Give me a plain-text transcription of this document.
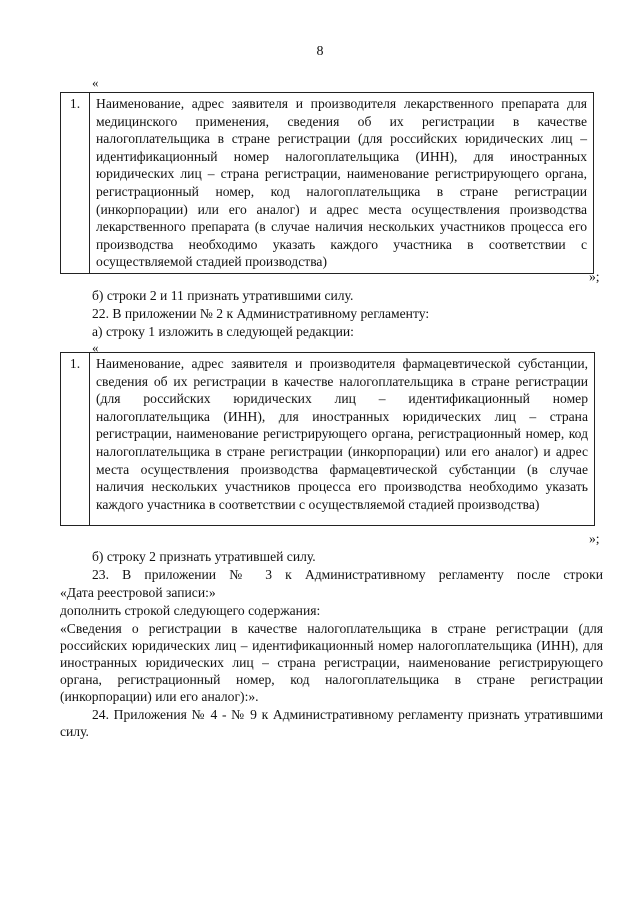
8
«
1.	Наименование, адрес заявителя и производителя лекарственного препарата для медицинского применения, сведения об их регистрации в качестве налогоплательщика в стране регистрации (для российских юридических лиц – идентификационный номер налогоплательщика (ИНН), для иностранных юридических лиц – страна регистрации, наименование регистрирующего органа, регистрационный номер, код налогоплательщика в стране регистрации (инкорпорации) или его аналог) и адрес места осуществления производства лекарственного препарата (в случае наличия нескольких участников процесса его производства необходимо указать каждого участника в соответствии с осуществляемой стадией производства)
»;
б) строки 2 и 11 признать утратившими силу.
22. В приложении № 2 к Административному регламенту:
а) строку 1 изложить в следующей редакции:
«
1.	Наименование, адрес заявителя и производителя фармацевтической субстанции, сведения об их регистрации в качестве налогоплательщика в стране регистрации (для российских юридических лиц – идентификационный номер налогоплательщика (ИНН), для иностранных юридических лиц – страна регистрации, наименование регистрирующего органа, регистрационный номер, код налогоплательщика в стране регистрации (инкорпорации) или его аналог) и адрес места осуществления производства фармацевтической субстанции (в случае наличия нескольких участников процесса его производства необходимо указать каждого участника в соответствии с осуществляемой стадией производства)
»;
б) строку 2 признать утратившей силу.
23. В приложении № 3 к Административному регламенту после строки
«Дата реестровой записи:»
дополнить строкой следующего содержания:
«Сведения о регистрации в качестве налогоплательщика в стране регистрации (для российских юридических лиц – идентификационный номер налогоплательщика (ИНН), для иностранных юридических лиц – страна регистрации, наименование регистрирующего органа, регистрационный номер, код налогоплательщика в стране регистрации (инкорпорации) или его аналог):».
24. Приложения № 4 - № 9 к Административному регламенту признать утратившими силу.
